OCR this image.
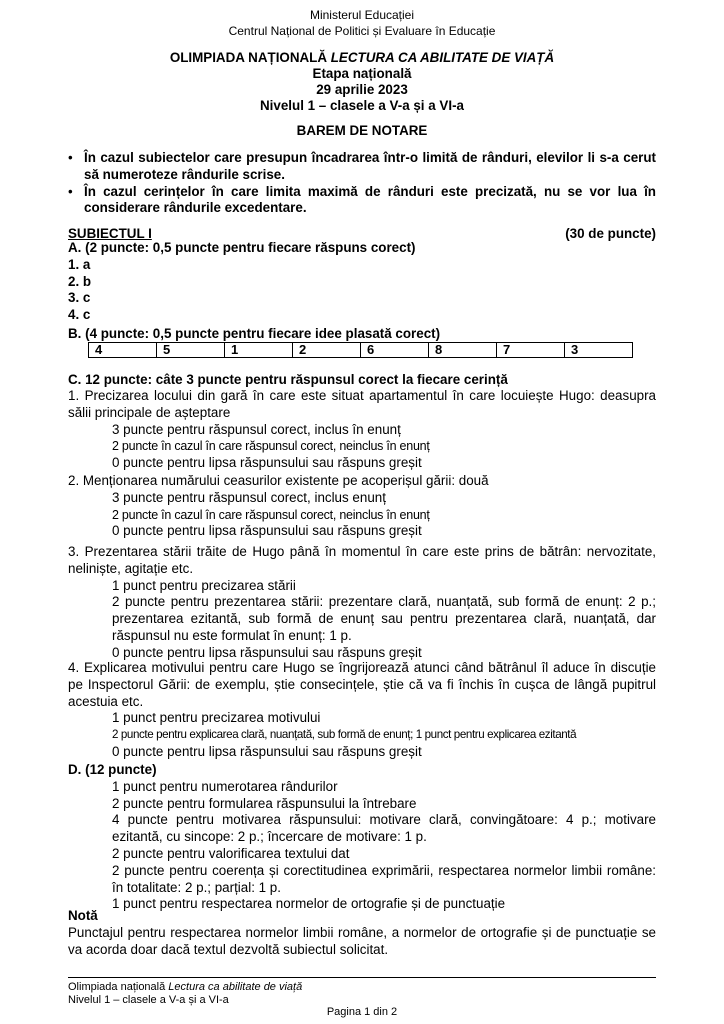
Ministerul Educației
Centrul Național de Politici și Evaluare în Educație
OLIMPIADA NAȚIONALĂ LECTURA CA ABILITATE DE VIAȚĂ
Etapa națională
29 aprilie 2023
Nivelul 1 – clasele a V-a și a VI-a
BAREM DE NOTARE
• În cazul subiectelor care presupun încadrarea într-o limită de rânduri, elevilor li s-a cerut să numeroteze rândurile scrise.
• În cazul cerințelor în care limita maximă de rânduri este precizată, nu se vor lua în considerare rândurile excedentare.
SUBIECTUL I	(30 de puncte)
A. (2 puncte: 0,5 puncte pentru fiecare răspuns corect)
1. a
2. b
3. c
4. c
B. (4 puncte: 0,5 puncte pentru fiecare idee plasată corect)
4	5	1	2	6	8	7	3
C. 12 puncte: câte 3 puncte pentru răspunsul corect la fiecare cerință
1. Precizarea locului din gară în care este situat apartamentul în care locuiește Hugo: deasupra sălii principale de așteptare
3 puncte pentru răspunsul corect, inclus în enunț
2 puncte în cazul în care răspunsul corect, neinclus în enunț
0 puncte pentru lipsa răspunsului sau răspuns greșit
2. Menționarea numărului ceasurilor existente pe acoperișul gării: două
3 puncte pentru răspunsul corect, inclus enunț
2 puncte în cazul în care răspunsul corect, neinclus în enunț
0 puncte pentru lipsa răspunsului sau răspuns greșit
3. Prezentarea stării trăite de Hugo până în momentul în care este prins de bătrân: nervozitate, neliniște, agitație etc.
1 punct pentru precizarea stării
2 puncte pentru prezentarea stării: prezentare clară, nuanțată, sub formă de enunț: 2 p.; prezentarea ezitantă, sub formă de enunț sau pentru prezentarea clară, nuanțată, dar răspunsul nu este formulat în enunț: 1 p.
0 puncte pentru lipsa răspunsului sau răspuns greșit
4. Explicarea motivului pentru care Hugo se îngrijorează atunci când bătrânul îl aduce în discuție pe Inspectorul Gării: de exemplu, știe consecințele, știe că va fi închis în cușca de lângă pupitrul acestuia etc.
1 punct pentru precizarea motivului
2 puncte pentru explicarea clară, nuanțată, sub formă de enunț; 1 punct pentru explicarea ezitantă
0 puncte pentru lipsa răspunsului sau răspuns greșit
D. (12 puncte)
1 punct pentru numerotarea rândurilor
2 puncte pentru formularea răspunsului la întrebare
4 puncte pentru motivarea răspunsului: motivare clară, convingătoare: 4 p.; motivare ezitantă, cu sincope: 2 p.; încercare de motivare: 1 p.
2 puncte pentru valorificarea textului dat
2 puncte pentru coerența și corectitudinea exprimării, respectarea normelor limbii române: în totalitate: 2 p.; parțial: 1 p.
1 punct pentru respectarea normelor de ortografie și de punctuație
Notă
Punctajul pentru respectarea normelor limbii române, a normelor de ortografie și de punctuație se va acorda doar dacă textul dezvoltă subiectul solicitat.
Olimpiada națională Lectura ca abilitate de viață
Nivelul 1 – clasele a V-a și a VI-a
Pagina 1 din 2
